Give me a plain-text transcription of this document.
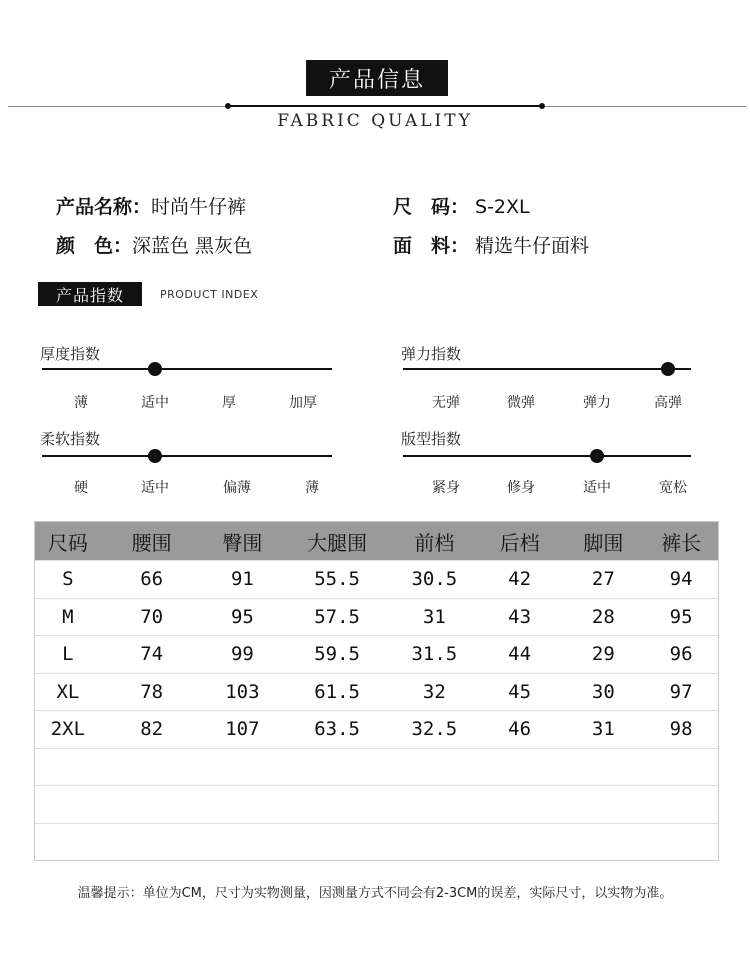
产品信息
FABRIC QUALITY
产品名称：时尚牛仔裤	尺　码： S-2XL
颜　色：深蓝色 黑灰色	面　料： 精选牛仔面料
产品指数	PRODUCT INDEX
厚度指数
薄	适中	厚	加厚
弹力指数
无弹	微弹	弹力	高弹
柔软指数
硬	适中	偏薄	薄
版型指数
紧身	修身	适中	宽松
尺码	腰围	臀围	大腿围	前档	后档	脚围	裤长
S	66	91	55.5	30.5	42	27	94
M	70	95	57.5	31	43	28	95
L	74	99	59.5	31.5	44	29	96
XL	78	103	61.5	32	45	30	97
2XL	82	107	63.5	32.5	46	31	98
温馨提示：单位为CM，尺寸为实物测量，因测量方式不同会有2-3CM的误差，实际尺寸，以实物为准。
